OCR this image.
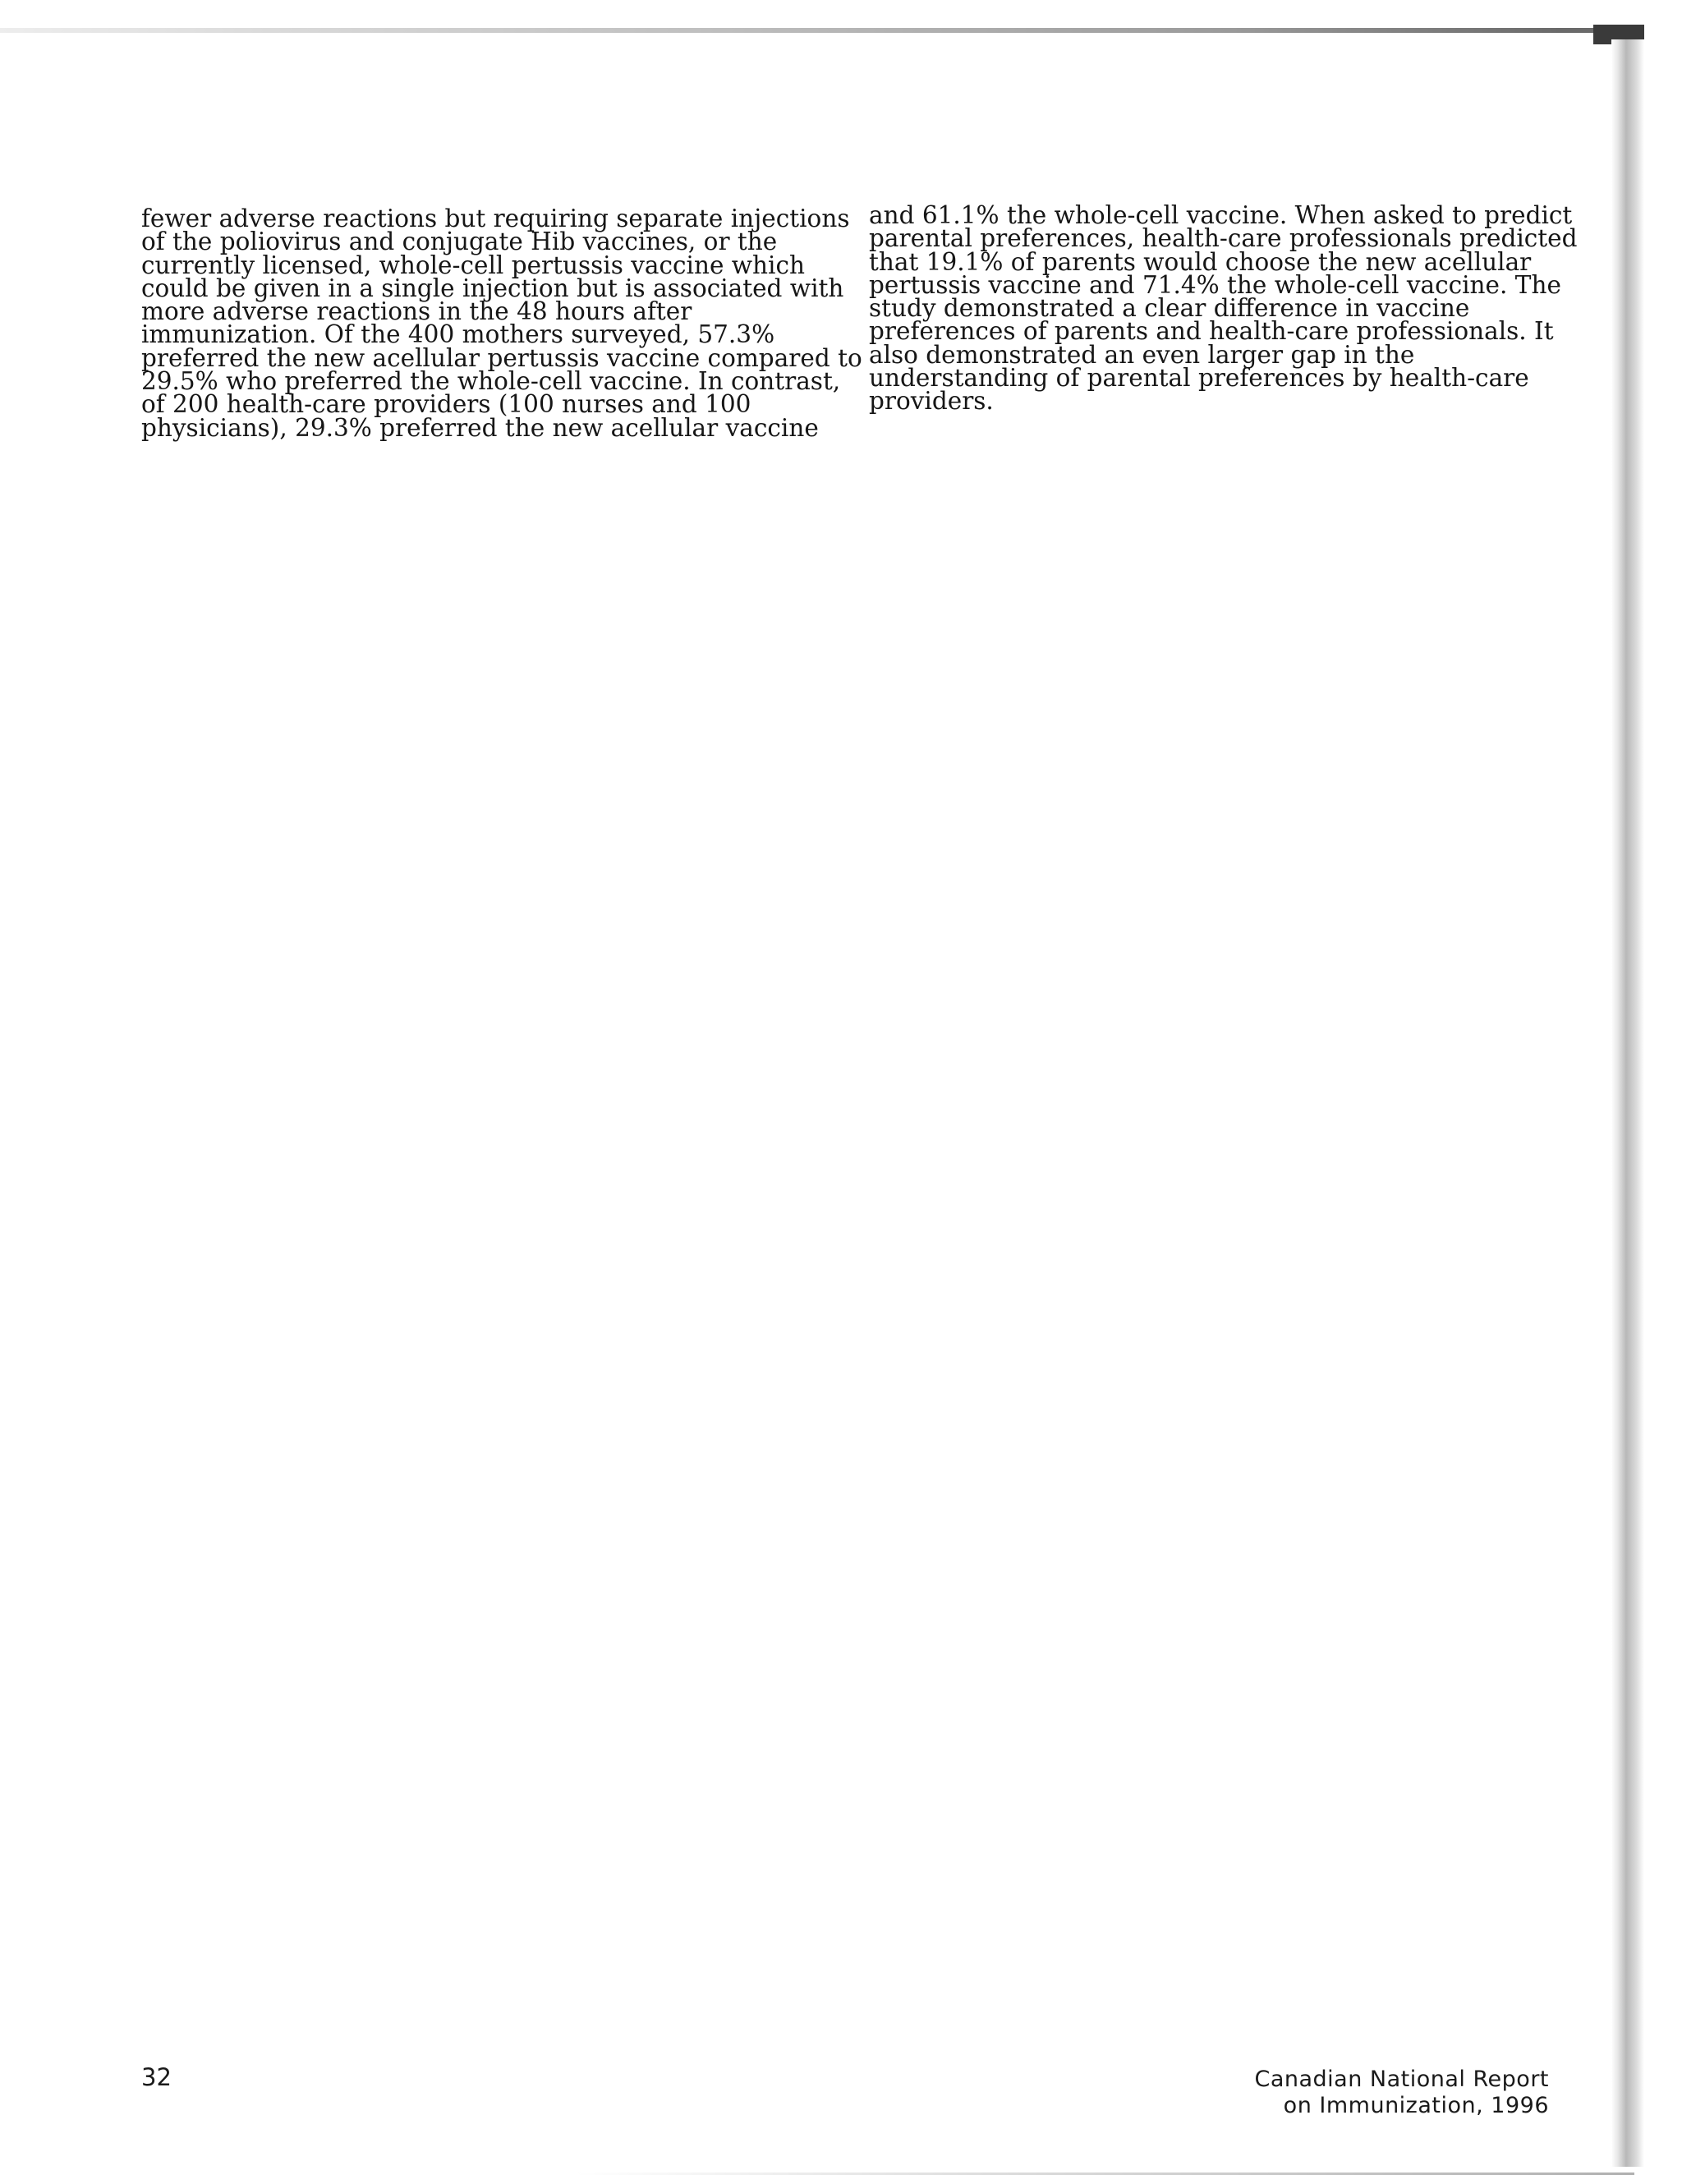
fewer adverse reactions but requiring separate injections
of the poliovirus and conjugate Hib vaccines, or the
currently licensed, whole-cell pertussis vaccine which
could be given in a single injection but is associated with
more adverse reactions in the 48 hours after
immunization. Of the 400 mothers surveyed, 57.3%
preferred the new acellular pertussis vaccine compared to
29.5% who preferred the whole-cell vaccine. In contrast,
of 200 health-care providers (100 nurses and 100
physicians), 29.3% preferred the new acellular vaccine
and 61.1% the whole-cell vaccine. When asked to predict
parental preferences, health-care professionals predicted
that 19.1% of parents would choose the new acellular
pertussis vaccine and 71.4% the whole-cell vaccine. The
study demonstrated a clear difference in vaccine
preferences of parents and health-care professionals. It
also demonstrated an even larger gap in the
understanding of parental preferences by health-care
providers.
32	Canadian National Report
on Immunization, 1996
